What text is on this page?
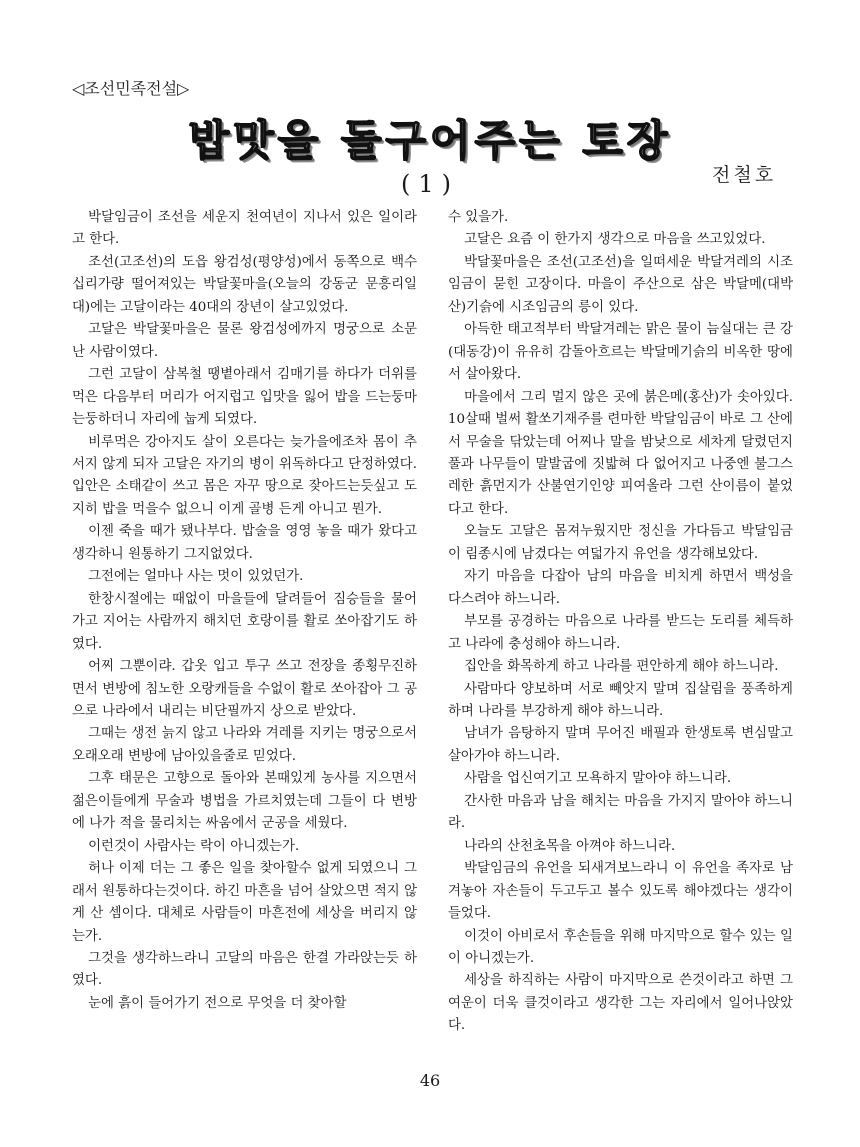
◁조선민족전설▷
밥맛을 돌구어주는 토장
(1)	전철호

박달임금이 조선을 세운지 천여년이 지나서 있은 일이라고 한다.

조선(고조선)의 도읍 왕검성(평양성)에서 동쪽으로 백수십리가량 떨어져있는 박달꽃마을(오늘의 강동군 문흥리일대)에는 고달이라는 40대의 장년이 살고있었다.

고달은 박달꽃마을은 물론 왕검성에까지 명궁으로 소문난 사람이였다.

그런 고달이 삼복철 땡볕아래서 김매기를 하다가 더위를 먹은 다음부터 머리가 어지럽고 입맛을 잃어 밥을 드는둥마는둥하더니 자리에 눕게 되였다.

비루먹은 강아지도 살이 오른다는 늦가을에조차 몸이 추서지 않게 되자 고달은 자기의 병이 위독하다고 단정하였다. 입안은 소태같이 쓰고 몸은 자꾸 땅으로 잦아드는듯싶고 도지히 밥을 먹을수 없으니 이게 골병 든게 아니고 뭔가.

이젠 죽을 때가 됐나부다. 밥술을 영영 놓을 때가 왔다고 생각하니 원통하기 그지없었다.

그전에는 얼마나 사는 멋이 있었던가.

한창시절에는 때없이 마을들에 달려들어 짐승들을 물어가고 지어는 사람까지 해치던 호랑이를 활로 쏘아잡기도 하였다.

어찌 그뿐이랴. 갑옷 입고 투구 쓰고 전장을 종횡무진하면서 변방에 침노한 오랑캐들을 수없이 활로 쏘아잡아 그 공으로 나라에서 내리는 비단필까지 상으로 받았다.

그때는 생전 늙지 않고 나라와 겨레를 지키는 명궁으로서 오래오래 변방에 남아있을줄로 믿었다.

그후 태문은 고향으로 돌아와 본때있게 농사를 지으면서 젊은이들에게 무술과 병법을 가르치였는데 그들이 다 변방에 나가 적을 물리치는 싸움에서 군공을 세웠다.

이런것이 사람사는 락이 아니겠는가.

허나 이제 더는 그 좋은 일을 찾아할수 없게 되였으니 그래서 원통하다는것이다. 하긴 마흔을 넘어 살았으면 적지 않게 산 셈이다. 대체로 사람들이 마흔전에 세상을 버리지 않는가.

그것을 생각하느라니 고달의 마음은 한결 가라앉는듯 하였다.

눈에 흙이 들어가기 전으로 무엇을 더 찾아할

수 있을가.

고달은 요즘 이 한가지 생각으로 마음을 쓰고있었다.

박달꽃마을은 조선(고조선)을 일떠세운 박달겨레의 시조임금이 묻힌 고장이다. 마을이 주산으로 삼은 박달메(대박산)기슭에 시조임금의 릉이 있다.

아득한 태고적부터 박달겨레는 맑은 물이 늠실대는 큰 강(대동강)이 유유히 감돌아흐르는 박달메기슭의 비옥한 땅에서 살아왔다.

마을에서 그리 멀지 않은 곳에 붉은메(홍산)가 솟아있다. 10살때 벌써 활쏘기재주를 련마한 박달임금이 바로 그 산에서 무술을 닦았는데 어찌나 말을 밤낮으로 세차게 달렸던지 풀과 나무들이 말발굽에 짓밟혀 다 없어지고 나중엔 불그스레한 흙먼지가 산불연기인양 피여올라 그런 산이름이 붙었다고 한다.

오늘도 고달은 몸져누웠지만 정신을 가다듬고 박달임금이 림종시에 남겼다는 여덟가지 유언을 생각해보았다.

자기 마음을 다잡아 남의 마음을 비치게 하면서 백성을 다스려야 하느니라.

부모를 공경하는 마음으로 나라를 받드는 도리를 체득하고 나라에 충성해야 하느니라.

집안을 화목하게 하고 나라를 편안하게 해야 하느니라.

사람마다 양보하며 서로 빼앗지 말며 집살림을 풍족하게 하며 나라를 부강하게 해야 하느니라.

남녀가 음탕하지 말며 무어진 배필과 한생토록 변심말고 살아가야 하느니라.

사람을 업신여기고 모욕하지 말아야 하느니라.

간사한 마음과 남을 해치는 마음을 가지지 말아야 하느니라.

나라의 산천초목을 아껴야 하느니라.

박달임금의 유언을 되새겨보느라니 이 유언을 족자로 남겨놓아 자손들이 두고두고 볼수 있도록 해야겠다는 생각이 들었다.

이것이 아비로서 후손들을 위해 마지막으로 할수 있는 일이 아니겠는가.

세상을 하직하는 사람이 마지막으로 쓴것이라고 하면 그 여운이 더욱 클것이라고 생각한 그는 자리에서 일어나앉았다.

46
